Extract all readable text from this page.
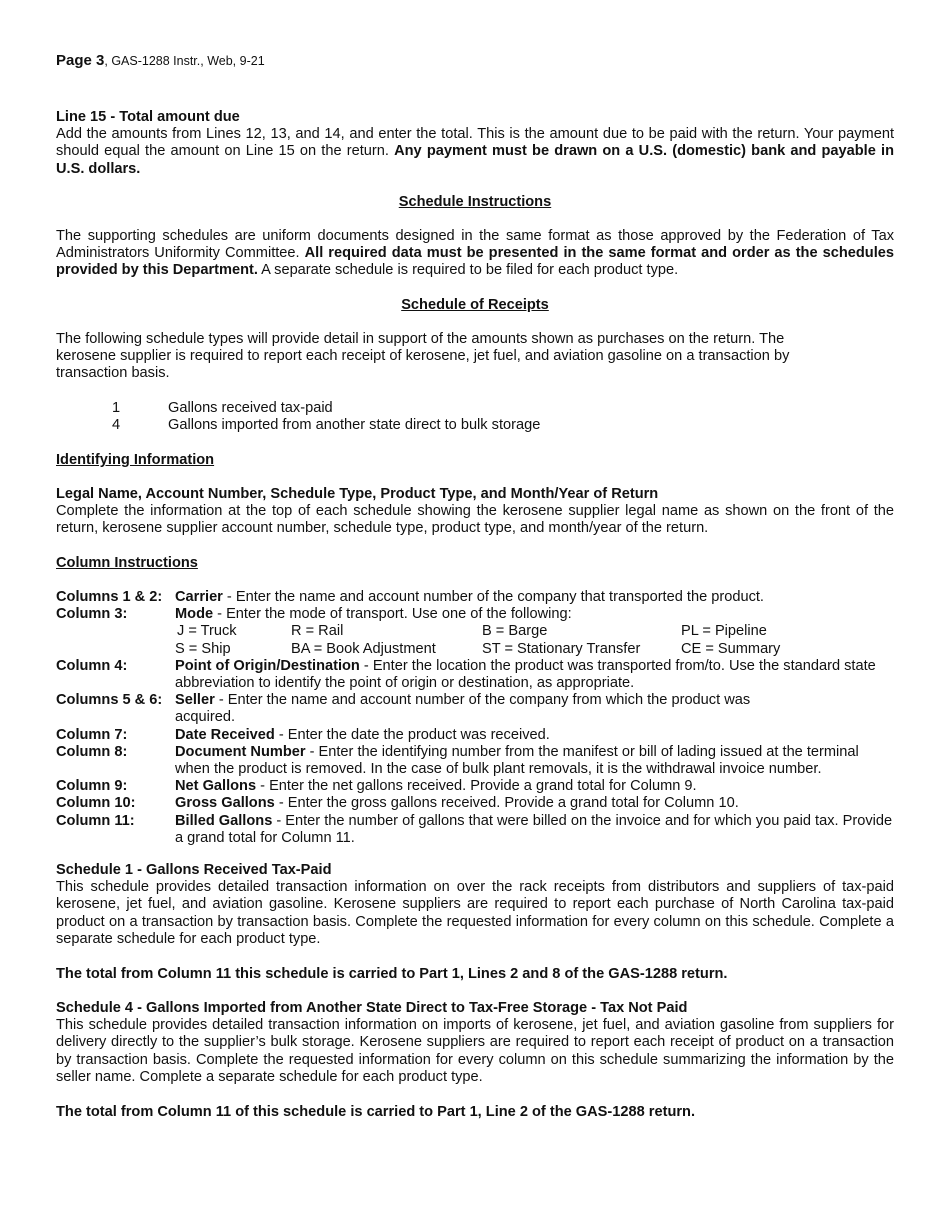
Page 3, GAS-1288 Instr., Web, 9-21
Line 15 - Total amount due
Add the amounts from Lines 12, 13, and 14, and enter the total. This is the amount due to be paid with the return. Your payment should equal the amount on Line 15 on the return. Any payment must be drawn on a U.S. (domestic) bank and payable in U.S. dollars.
Schedule Instructions
The supporting schedules are uniform documents designed in the same format as those approved by the Federation of Tax Administrators Uniformity Committee. All required data must be presented in the same format and order as the schedules provided by this Department. A separate schedule is required to be filed for each product type.
Schedule of Receipts
The following schedule types will provide detail in support of the amounts shown as purchases on the return. The kerosene supplier is required to report each receipt of kerosene, jet fuel, and aviation gasoline on a transaction by transaction basis.
1	Gallons received tax-paid
4	Gallons imported from another state direct to bulk storage
Identifying Information
Legal Name, Account Number, Schedule Type, Product Type, and Month/Year of Return
Complete the information at the top of each schedule showing the kerosene supplier legal name as shown on the front of the return, kerosene supplier account number, schedule type, product type, and month/year of the return.
Column Instructions
Columns 1 & 2: Carrier - Enter the name and account number of the company that transported the product.
Column 3:	Mode - Enter the mode of transport. Use one of the following:
J = Truck	R = Rail	B = Barge	PL = Pipeline
S = Ship	BA = Book Adjustment	ST = Stationary Transfer	CE = Summary
Column 4:	Point of Origin/Destination - Enter the location the product was transported from/to. Use the standard state abbreviation to identify the point of origin or destination, as appropriate.
Columns 5 & 6: Seller - Enter the name and account number of the company from which the product was acquired.
Column 7:	Date Received - Enter the date the product was received.
Column 8:	Document Number - Enter the identifying number from the manifest or bill of lading issued at the terminal when the product is removed. In the case of bulk plant removals, it is the withdrawal invoice number.
Column 9:	Net Gallons - Enter the net gallons received. Provide a grand total for Column 9.
Column 10:	Gross Gallons - Enter the gross gallons received. Provide a grand total for Column 10.
Column 11:	Billed Gallons - Enter the number of gallons that were billed on the invoice and for which you paid tax. Provide a grand total for Column 11.
Schedule 1 - Gallons Received Tax-Paid
This schedule provides detailed transaction information on over the rack receipts from distributors and suppliers of tax-paid kerosene, jet fuel, and aviation gasoline. Kerosene suppliers are required to report each purchase of North Carolina tax-paid product on a transaction by transaction basis. Complete the requested information for every column on this schedule. Complete a separate schedule for each product type.
The total from Column 11 this schedule is carried to Part 1, Lines 2 and 8 of the GAS-1288 return.
Schedule 4 - Gallons Imported from Another State Direct to Tax-Free Storage - Tax Not Paid
This schedule provides detailed transaction information on imports of kerosene, jet fuel, and aviation gasoline from suppliers for delivery directly to the supplier’s bulk storage. Kerosene suppliers are required to report each receipt of product on a transaction by transaction basis. Complete the requested information for every column on this schedule summarizing the information by the seller name. Complete a separate schedule for each product type.
The total from Column 11 of this schedule is carried to Part 1, Line 2 of the GAS-1288 return.
